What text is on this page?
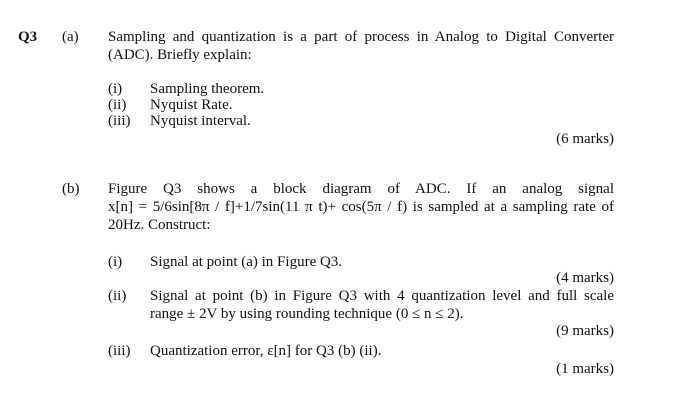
Q3 (a) Sampling and quantization is a part of process in Analog to Digital Converter
(ADC). Briefly explain:
(i) Sampling theorem.
(ii) Nyquist Rate.
(iii) Nyquist interval.
(6 marks)
(b) Figure Q3 shows a block diagram of ADC. If an analog signal
x[n] = 5/6sin[8π / f]+1/7sin(11 π t)+ cos(5π / f) is sampled at a sampling rate of
20Hz. Construct:
(i) Signal at point (a) in Figure Q3.
(4 marks)
(ii) Signal at point (b) in Figure Q3 with 4 quantization level and full scale
range ± 2V by using rounding technique (0 ≤ n ≤ 2).
(9 marks)
(iii) Quantization error, ε[n] for Q3 (b) (ii).
(1 marks)
